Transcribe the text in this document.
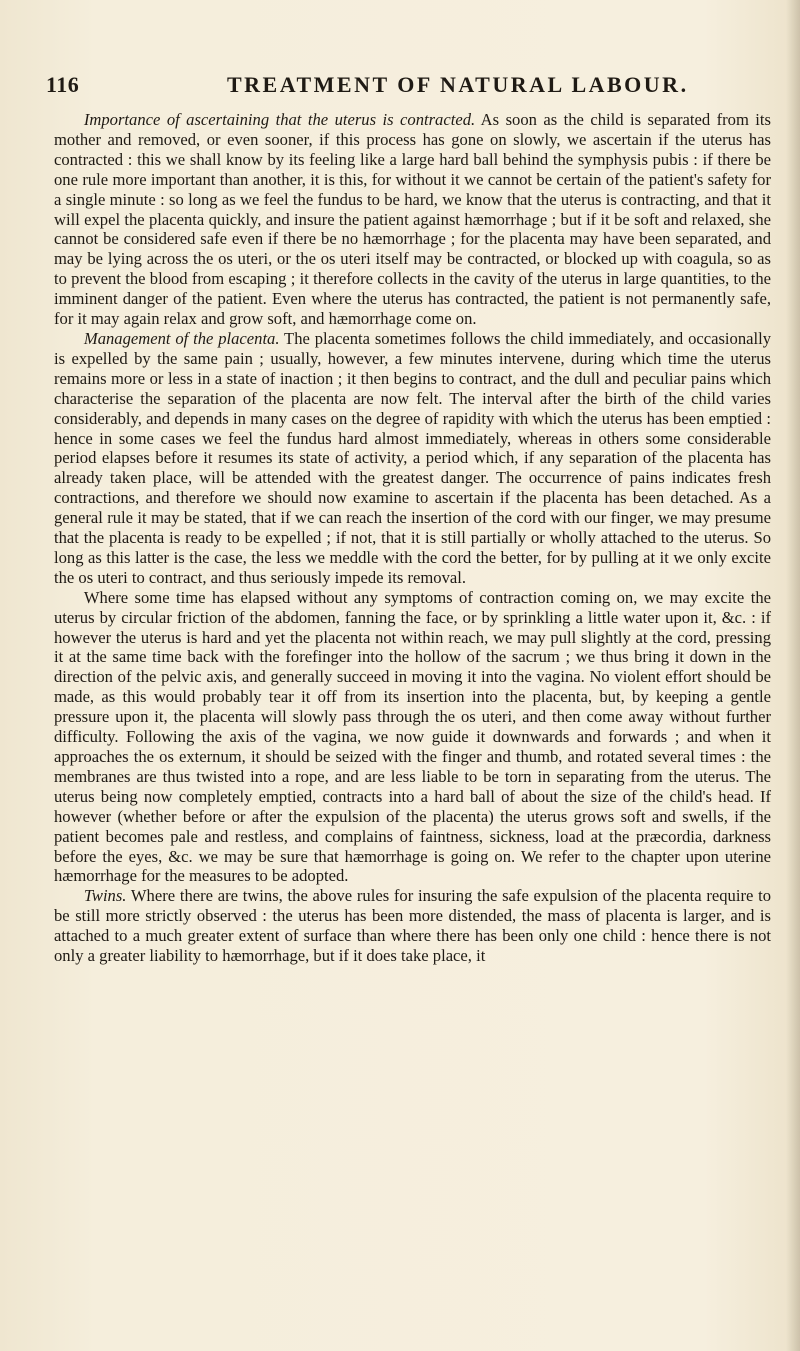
116	TREATMENT OF NATURAL LABOUR.

Importance of ascertaining that the uterus is contracted. As soon as the child is separated from its mother and removed, or even sooner, if this process has gone on slowly, we ascertain if the uterus has contracted : this we shall know by its feeling like a large hard ball behind the symphysis pubis : if there be one rule more important than another, it is this, for without it we cannot be certain of the patient's safety for a single minute : so long as we feel the fundus to be hard, we know that the uterus is contracting, and that it will expel the placenta quickly, and insure the patient against hæmorrhage ; but if it be soft and relaxed, she cannot be considered safe even if there be no hæmorrhage ; for the placenta may have been separated, and may be lying across the os uteri, or the os uteri itself may be contracted, or blocked up with coagula, so as to prevent the blood from escaping ; it therefore collects in the cavity of the uterus in large quantities, to the imminent danger of the patient. Even where the uterus has contracted, the patient is not permanently safe, for it may again relax and grow soft, and hæmorrhage come on.

Management of the placenta. The placenta sometimes follows the child immediately, and occasionally is expelled by the same pain ; usually, however, a few minutes intervene, during which time the uterus remains more or less in a state of inaction ; it then begins to contract, and the dull and peculiar pains which characterise the separation of the placenta are now felt. The interval after the birth of the child varies considerably, and depends in many cases on the degree of rapidity with which the uterus has been emptied : hence in some cases we feel the fundus hard almost immediately, whereas in others some considerable period elapses before it resumes its state of activity, a period which, if any separation of the placenta has already taken place, will be attended with the greatest danger. The occurrence of pains indicates fresh contractions, and therefore we should now examine to ascertain if the placenta has been detached. As a general rule it may be stated, that if we can reach the insertion of the cord with our finger, we may presume that the placenta is ready to be expelled ; if not, that it is still partially or wholly attached to the uterus. So long as this latter is the case, the less we meddle with the cord the better, for by pulling at it we only excite the os uteri to contract, and thus seriously impede its removal.

Where some time has elapsed without any symptoms of contraction coming on, we may excite the uterus by circular friction of the abdomen, fanning the face, or by sprinkling a little water upon it, &c. : if however the uterus is hard and yet the placenta not within reach, we may pull slightly at the cord, pressing it at the same time back with the forefinger into the hollow of the sacrum ; we thus bring it down in the direction of the pelvic axis, and generally succeed in moving it into the vagina. No violent effort should be made, as this would probably tear it off from its insertion into the placenta, but, by keeping a gentle pressure upon it, the placenta will slowly pass through the os uteri, and then come away without further difficulty. Following the axis of the vagina, we now guide it downwards and forwards ; and when it approaches the os externum, it should be seized with the finger and thumb, and rotated several times : the membranes are thus twisted into a rope, and are less liable to be torn in separating from the uterus. The uterus being now completely emptied, contracts into a hard ball of about the size of the child's head. If however (whether before or after the expulsion of the placenta) the uterus grows soft and swells, if the patient becomes pale and restless, and complains of faintness, sickness, load at the præcordia, darkness before the eyes, &c. we may be sure that hæmorrhage is going on. We refer to the chapter upon uterine hæmorrhage for the measures to be adopted.

Twins. Where there are twins, the above rules for insuring the safe expulsion of the placenta require to be still more strictly observed : the uterus has been more distended, the mass of placenta is larger, and is attached to a much greater extent of surface than where there has been only one child : hence there is not only a greater liability to hæmorrhage, but if it does take place, it
